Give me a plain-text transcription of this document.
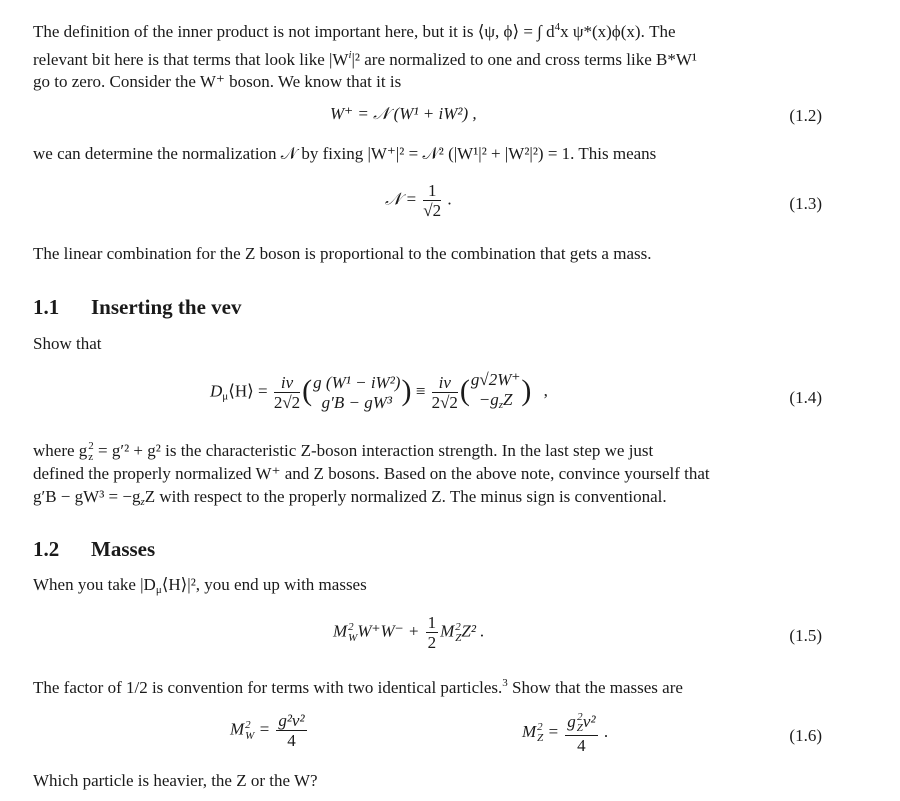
The definition of the inner product is not important here, but it is ⟨ψ, ϕ⟩ = ∫ $d^4x$ ψ*(x)ϕ(x). The
relevant bit here is that terms that look like $|W^i|^2$ are normalized to one and cross terms like B*W¹
go to zero. Consider the W⁺ boson. We know that it is
W⁺ = 𝒩 (W¹ + iW²) ,	(1.2)
we can determine the normalization 𝒩 by fixing |W⁺|² = 𝒩² (|W¹|² + |W²|²) = 1. This means
𝒩 = $\frac{1}{√2}$ .	(1.3)
The linear combination for the Z boson is proportional to the combination that gets a mass.
1.1 Inserting the vev
Show that
$D_\mu⟨H⟩ = \frac{iv}{2√2}$ ( g (W¹ − iW²)
g′B − gW³ ) ≡ $\frac{iv}{2√2}$ ( g√2W⁺
$-g_zZ$ ) ,	(1.4)
where g 2
z = g′² + g² is the characteristic Z-boson interaction strength. In the last step we just
defined the properly normalized W⁺ and Z bosons. Based on the above note, convince yourself that
$g'B - gW^3 = -g_zZ$ with respect to the properly normalized Z. The minus sign is conventional.
1.2 Masses
When you take $|D_\mu⟨H⟩|^2$, you end up with masses
M 2
W $W^+W^- + \frac{1}{2}$ M 2
Z Z² .	(1.5)
The factor of 1/2 is convention for terms with two identical particles.$^3$ Show that the masses are
M 2
$W = \frac{\text{g²v²}}{4}$	M 2
Z = g 2
Z v²
4 .	(1.6)
Which particle is heavier, the Z or the W?
